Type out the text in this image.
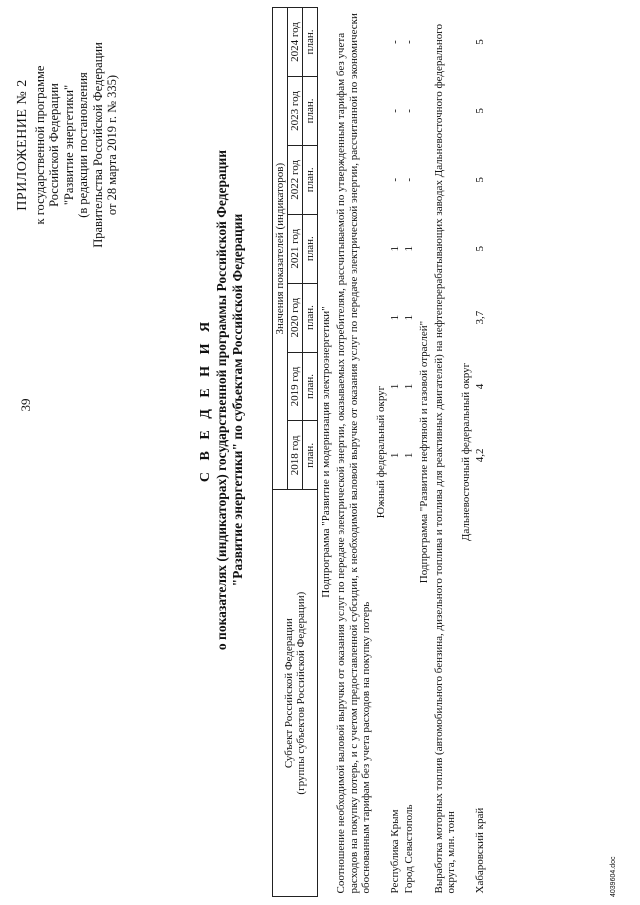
39
ПРИЛОЖЕНИЕ № 2 к государственной программе Российской Федерации "Развитие энергетики" (в редакции постановления Правительства Российской Федерации от 28 марта 2019 г. № 335)
С В Е Д Е Н И Я о показателях (индикаторах) государственной программы Российской Федерации "Развитие энергетики" по субъектам Российской Федерации
Субъект Российской Федерации
(группы субъектов Российской Федерации)	Значения показателей (индикаторов)						
	2018 год	2019 год	2020 год	2021 год	2022 год	2023 год	2024 год
	план.	план.	план.	план.	план.	план.	план.
Подпрограмма "Развитие и модернизация электроэнергетики"							
Соотношение необходимой валовой выручки от оказания услуг по передаче электрической энергии, оказываемых потребителям, рассчитываемой по утвержденным тарифам без учета расходов на покупку потерь, и с учетом предоставленной субсидии, к необходимой валовой выручке от оказания услуг по передаче электрической энергии, рассчитанной по экономически обоснованным тарифам без учета расходов на покупку потерь							
Южный федеральный округ							
Республика Крым	1	1	1	1	-	-	-
Город Севастополь	1	1	1	1	-	-	-
Подпрограмма "Развитие нефтяной и газовой отраслей"							
Выработка моторных топлив (автомобильного бензина, дизельного топлива и топлива для реактивных двигателей) на нефтеперерабатывающих заводах Дальневосточного федерального округа, млн. тонн							
Дальневосточный федеральный округ							
Хабаровский край	4,2	4	3,7	5	5	5	5
4039604.doc
